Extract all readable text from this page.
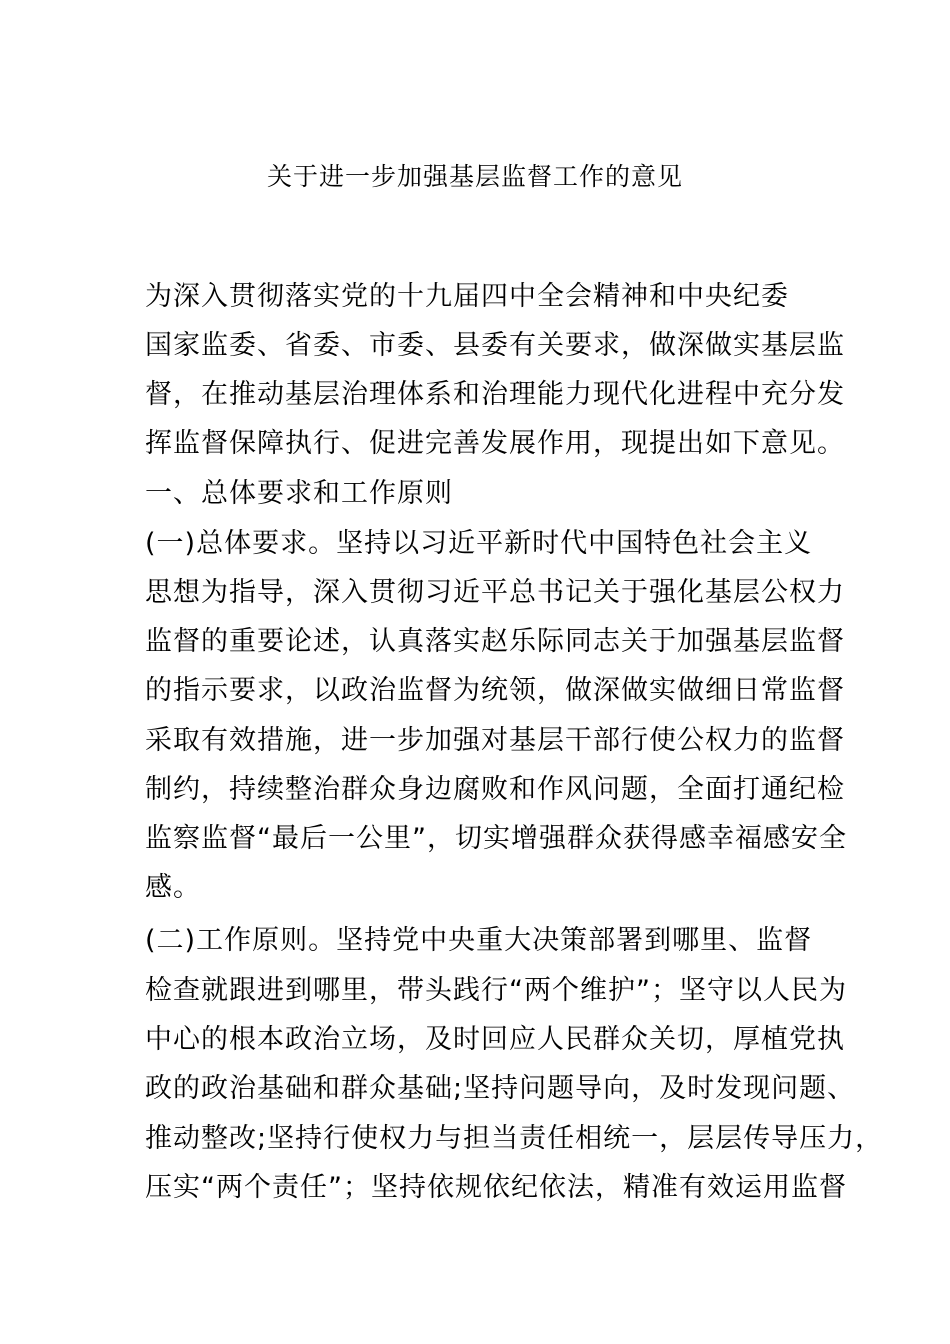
关于进一步加强基层监督工作的意见
为深入贯彻落实党的十九届四中全会精神和中央纪委
国家监委、省委、市委、县委有关要求，做深做实基层监
督，在推动基层治理体系和治理能力现代化进程中充分发
挥监督保障执行、促进完善发展作用，现提出如下意见。
一、总体要求和工作原则
(一)总体要求。坚持以习近平新时代中国特色社会主义
思想为指导，深入贯彻习近平总书记关于强化基层公权力
监督的重要论述，认真落实赵乐际同志关于加强基层监督
的指示要求，以政治监督为统领，做深做实做细日常监督
采取有效措施，进一步加强对基层干部行使公权力的监督
制约，持续整治群众身边腐败和作风问题，全面打通纪检
监察监督“最后一公里”，切实增强群众获得感幸福感安全
感。
(二)工作原则。坚持党中央重大决策部署到哪里、监督
检查就跟进到哪里，带头践行“两个维护”；坚守以人民为
中心的根本政治立场，及时回应人民群众关切，厚植党执
政的政治基础和群众基础;坚持问题导向，及时发现问题、
推动整改;坚持行使权力与担当责任相统一，层层传导压力，
压实“两个责任”；坚持依规依纪依法，精准有效运用监督
